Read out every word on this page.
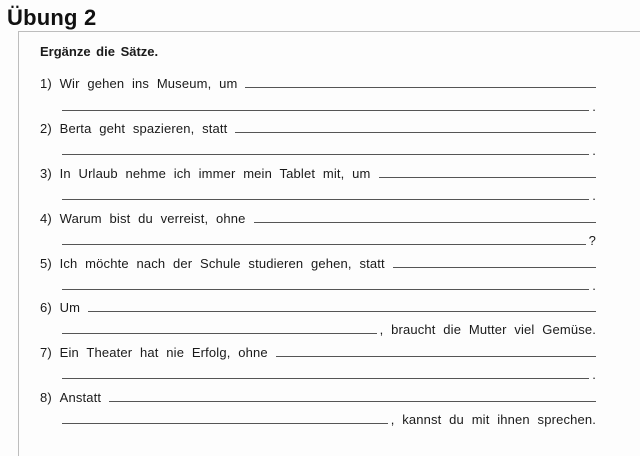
Übung 2
Ergänze die Sätze.
1)
Wir gehen ins Museum, um
.
2)
Berta geht spazieren, statt
.
3)
In Urlaub nehme ich immer mein Tablet mit, um
.
4)
Warum bist du verreist, ohne
?
5)
Ich möchte nach der Schule studieren gehen, statt
.
6)
Um
, braucht die Mutter viel Gemüse.
7)
Ein Theater hat nie Erfolg, ohne
.
8)
Anstatt
, kannst du mit ihnen sprechen.
